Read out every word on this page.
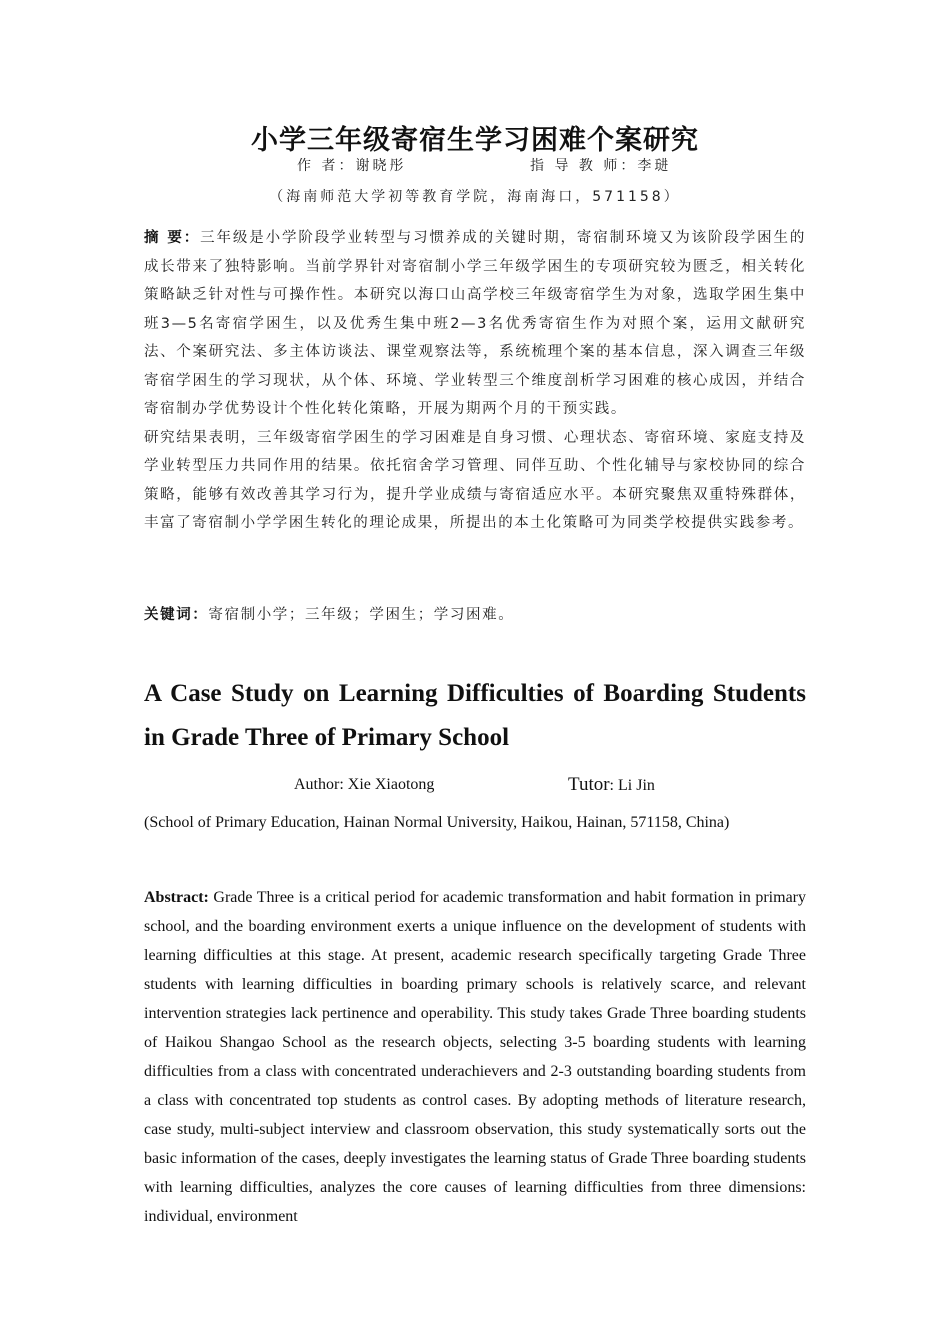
小学三年级寄宿生学习困难个案研究
作 者：谢晓彤	指 导 教 师：李琎
（海南师范大学初等教育学院，海南海口，571158）

摘 要：三年级是小学阶段学业转型与习惯养成的关键时期，寄宿制环境又为该阶段学困生的成长带来了独特影响。当前学界针对寄宿制小学三年级学困生的专项研究较为匮乏，相关转化策略缺乏针对性与可操作性。本研究以海口山高学校三年级寄宿学生为对象，选取学困生集中班3—5名寄宿学困生，以及优秀生集中班2—3名优秀寄宿生作为对照个案，运用文献研究法、个案研究法、多主体访谈法、课堂观察法等，系统梳理个案的基本信息，深入调查三年级寄宿学困生的学习现状，从个体、环境、学业转型三个维度剖析学习困难的核心成因，并结合寄宿制办学优势设计个性化转化策略，开展为期两个月的干预实践。

研究结果表明，三年级寄宿学困生的学习困难是自身习惯、心理状态、寄宿环境、家庭支持及学业转型压力共同作用的结果。依托宿舍学习管理、同伴互助、个性化辅导与家校协同的综合策略，能够有效改善其学习行为，提升学业成绩与寄宿适应水平。本研究聚焦双重特殊群体，丰富了寄宿制小学学困生转化的理论成果，所提出的本土化策略可为同类学校提供实践参考。

关键词：寄宿制小学；三年级；学困生；学习困难。
A Case Study on Learning Difficulties of Boarding Students in Grade Three of Primary School
Author: Xie Xiaotong	Tutor: Li Jin
(School of Primary Education, Hainan Normal University, Haikou, Hainan, 571158, China)

Abstract: Grade Three is a critical period for academic transformation and habit formation in primary school, and the boarding environment exerts a unique influence on the development of students with learning difficulties at this stage. At present, academic research specifically targeting Grade Three students with learning difficulties in boarding primary schools is relatively scarce, and relevant intervention strategies lack pertinence and operability. This study takes Grade Three boarding students of Haikou Shangao School as the research objects, selecting 3-5 boarding students with learning difficulties from a class with concentrated underachievers and 2-3 outstanding boarding students from a class with concentrated top students as control cases. By adopting methods of literature research, case study, multi-subject interview and classroom observation, this study systematically sorts out the basic information of the cases, deeply investigates the learning status of Grade Three boarding students with learning difficulties, analyzes the core causes of learning difficulties from three dimensions: individual, environment
